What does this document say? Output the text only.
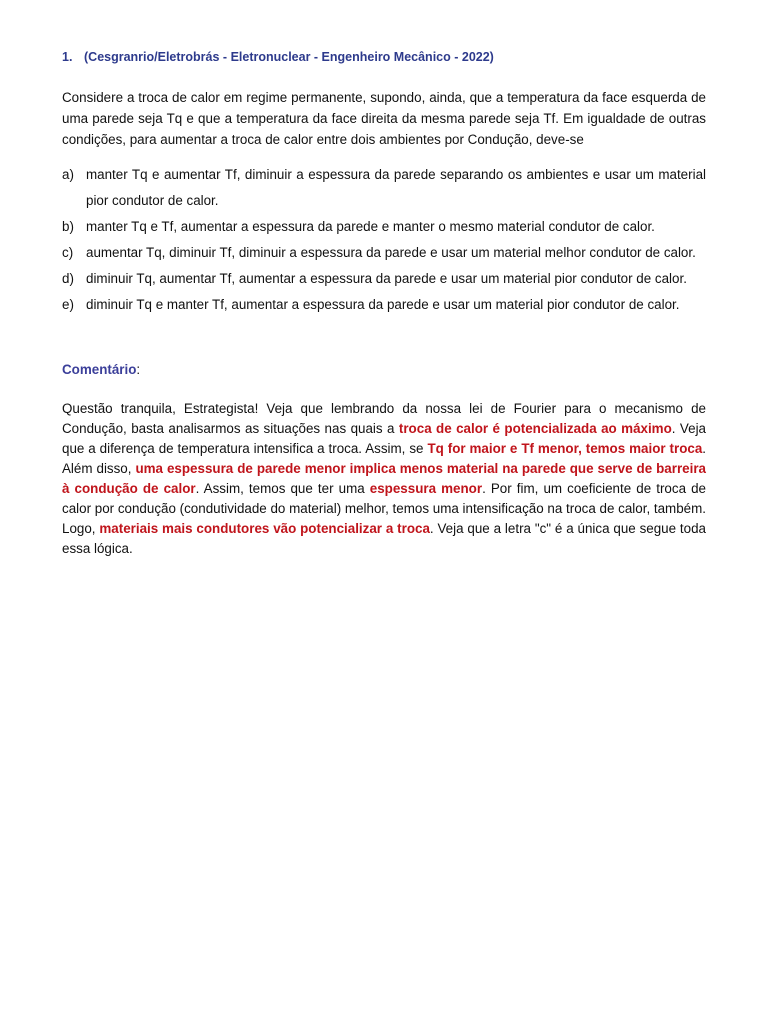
1. (Cesgranrio/Eletrobrás - Eletronuclear - Engenheiro Mecânico - 2022)
Considere a troca de calor em regime permanente, supondo, ainda, que a temperatura da face esquerda de uma parede seja Tq e que a temperatura da face direita da mesma parede seja Tf. Em igualdade de outras condições, para aumentar a troca de calor entre dois ambientes por Condução, deve-se
a) manter Tq e aumentar Tf, diminuir a espessura da parede separando os ambientes e usar um material pior condutor de calor.
b) manter Tq e Tf, aumentar a espessura da parede e manter o mesmo material condutor de calor.
c) aumentar Tq, diminuir Tf, diminuir a espessura da parede e usar um material melhor condutor de calor.
d) diminuir Tq, aumentar Tf, aumentar a espessura da parede e usar um material pior condutor de calor.
e) diminuir Tq e manter Tf, aumentar a espessura da parede e usar um material pior condutor de calor.
Comentário:
Questão tranquila, Estrategista! Veja que lembrando da nossa lei de Fourier para o mecanismo de Condução, basta analisarmos as situações nas quais a troca de calor é potencializada ao máximo. Veja que a diferença de temperatura intensifica a troca. Assim, se Tq for maior e Tf menor, temos maior troca. Além disso, uma espessura de parede menor implica menos material na parede que serve de barreira à condução de calor. Assim, temos que ter uma espessura menor. Por fim, um coeficiente de troca de calor por condução (condutividade do material) melhor, temos uma intensificação na troca de calor, também. Logo, materiais mais condutores vão potencializar a troca. Veja que a letra "c" é a única que segue toda essa lógica.
